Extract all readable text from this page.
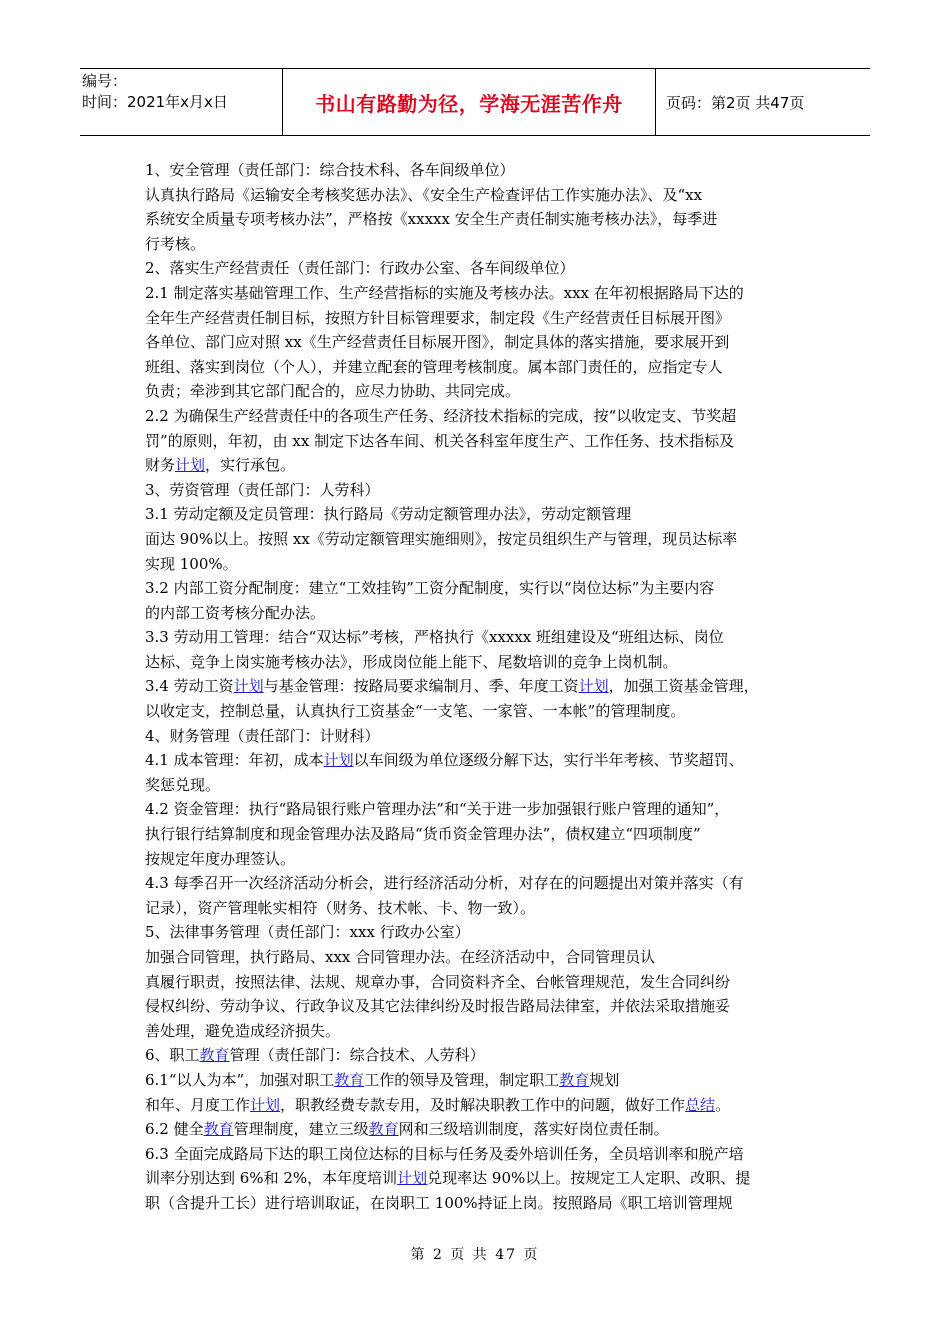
编号：
时间：2021年x月x日	书山有路勤为径，学海无涯苦作舟	页码：第2页 共47页

1、安全管理（责任部门：综合技术科、各车间级单位）

认真执行路局《运输安全考核奖惩办法》、《安全生产检查评估工作实施办法》、及“xx

系统安全质量专项考核办法”，严格按《xxxxx 安全生产责任制实施考核办法》，每季进

行考核。

2、落实生产经营责任（责任部门：行政办公室、各车间级单位）

2.1 制定落实基础管理工作、生产经营指标的实施及考核办法。xxx 在年初根据路局下达的

全年生产经营责任制目标，按照方针目标管理要求，制定段《生产经营责任目标展开图》

各单位、部门应对照 xx《生产经营责任目标展开图》，制定具体的落实措施，要求展开到

班组、落实到岗位（个人），并建立配套的管理考核制度。属本部门责任的，应指定专人

负责；牵涉到其它部门配合的，应尽力协助、共同完成。

2.2 为确保生产经营责任中的各项生产任务、经济技术指标的完成，按“以收定支、节奖超

罚”的原则，年初，由 xx 制定下达各车间、机关各科室年度生产、工作任务、技术指标及

财务计划，实行承包。

3、劳资管理（责任部门：人劳科）

3.1 劳动定额及定员管理：执行路局《劳动定额管理办法》，劳动定额管理

面达 90%以上。按照 xx《劳动定额管理实施细则》，按定员组织生产与管理，现员达标率

实现 100%。

3.2 内部工资分配制度：建立“工效挂钩”工资分配制度，实行以“岗位达标”为主要内容

的内部工资考核分配办法。

3.3 劳动用工管理：结合“双达标”考核，严格执行《xxxxx 班组建设及“班组达标、岗位

达标、竞争上岗实施考核办法》，形成岗位能上能下、尾数培训的竞争上岗机制。

3.4 劳动工资计划与基金管理：按路局要求编制月、季、年度工资计划，加强工资基金管理，

以收定支，控制总量，认真执行工资基金“一支笔、一家管、一本帐”的管理制度。

4、财务管理（责任部门：计财科）

4.1 成本管理：年初，成本计划以车间级为单位逐级分解下达，实行半年考核、节奖超罚、

奖惩兑现。

4.2 资金管理：执行“路局银行账户管理办法”和“关于进一步加强银行账户管理的通知”，

执行银行结算制度和现金管理办法及路局“货币资金管理办法”，债权建立“四项制度”

按规定年度办理签认。

4.3 每季召开一次经济活动分析会，进行经济活动分析，对存在的问题提出对策并落实（有

记录），资产管理帐实相符（财务、技术帐、卡、物一致）。

5、法律事务管理（责任部门：xxx 行政办公室）

加强合同管理，执行路局、xxx 合同管理办法。在经济活动中，合同管理员认

真履行职责，按照法律、法规、规章办事，合同资料齐全、台帐管理规范，发生合同纠纷

侵权纠纷、劳动争议、行政争议及其它法律纠纷及时报告路局法律室，并依法采取措施妥

善处理，避免造成经济损失。

6、职工教育管理（责任部门：综合技术、人劳科）

6.1“以人为本”，加强对职工教育工作的领导及管理，制定职工教育规划

和年、月度工作计划，职教经费专款专用，及时解决职教工作中的问题，做好工作总结。

6.2 健全教育管理制度，建立三级教育网和三级培训制度，落实好岗位责任制。

6.3 全面完成路局下达的职工岗位达标的目标与任务及委外培训任务，全员培训率和脱产培

训率分别达到 6%和 2%，本年度培训计划兑现率达 90%以上。按规定工人定职、改职、提

职（含提升工长）进行培训取证，在岗职工 100%持证上岗。按照路局《职工培训管理规

第 2 页 共 47 页
